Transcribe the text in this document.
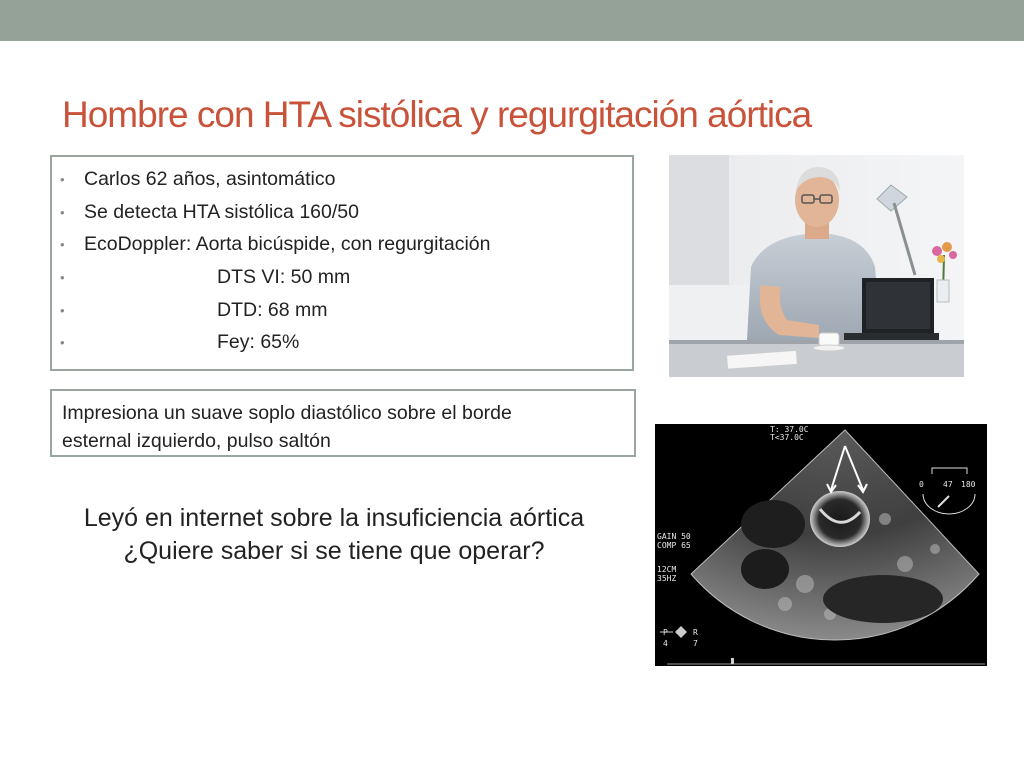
Hombre con HTA sistólica y regurgitación aórtica
• Carlos 62 años, asintomático
• Se detecta HTA sistólica 160/50
• EcoDoppler: Aorta bicúspide, con regurgitación
•	DTS VI: 50 mm
•	DTD: 68 mm
•	Fey: 65%
Impresiona un suave soplo diastólico sobre el borde
esternal izquierdo, pulso saltón
Leyó en internet sobre la insuficiencia aórtica
¿Quiere saber si se tiene que operar?
T: 37.0C
T<37.0C
GAIN 50
COMP 65
12CM
35HZ
0 47 180
P	R
4	7
